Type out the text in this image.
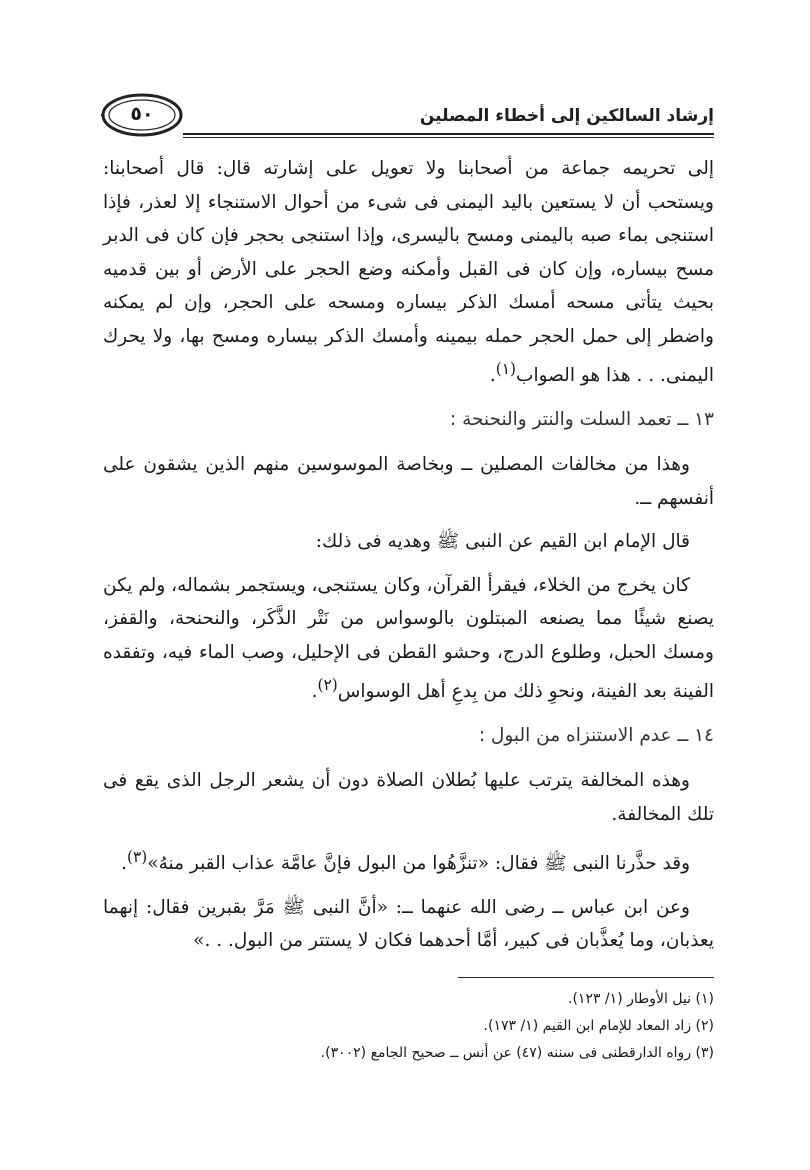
إرشاد السالكين إلى أخطاء المصلين
٥٠

إلى تحريمه جماعة من أصحابنا ولا تعويل على إشارته قال: قال أصحابنا: ويستحب أن لا يستعين باليد اليمنى فى شىء من أحوال الاستنجاء إلا لعذر، فإذا استنجى بماء صبه باليمنى ومسح باليسرى، وإذا استنجى بحجر فإن كان فى الدبر مسح بيساره، وإن كان فى القبل وأمكنه وضع الحجر على الأرض أو بين قدميه بحيث يتأتى مسحه أمسك الذكر بيساره ومسحه على الحجر، وإن لم يمكنه واضطر إلى حمل الحجر حمله بيمينه وأمسك الذكر بيساره ومسح بها، ولا يحرك اليمنى. . . هذا هو الصواب$^{(١)}$.

١٣ ــ تعمد السلت والنتر والنحنحة :

وهذا من مخالفات المصلين ــ وبخاصة الموسوسين منهم الذين يشقون على أنفسهم ــ.

قال الإمام ابن القيم عن النبى ﷺ وهديه فى ذلك:

كان يخرج من الخلاء، فيقرأ القرآن، وكان يستنجى، ويستجمر بشماله، ولم يكن يصنع شيئًا مما يصنعه المبتلون بالوسواس من نَتْر الذَّكَر، والنحنحة، والقفز، ومسك الحبل، وطلوع الدرج، وحشو القطن فى الإحليل، وصب الماء فيه، وتفقده الفينة بعد الفينة، ونحوِ ذلك من بِدعِ أهل الوسواس$^{(٢)}$.

١٤ ــ عدم الاستنزاه من البول :

وهذه المخالفة يترتب عليها بُطلان الصلاة دون أن يشعر الرجل الذى يقع فى تلك المخالفة.

وقد حذَّرنا النبى ﷺ فقال: «تنزَّهُوا من البول فإنَّ عامَّة عذاب القبر منهُ»$^{(٣)}$.

وعن ابن عباس ــ رضى الله عنهما ــ: «أنَّ النبى ﷺ مَرَّ بقبرين فقال: إنهما يعذبان، وما يُعذَّبان فى كبير، أمَّا أحدهما فكان لا يستتر من البول. . .»

(١) نيل الأوطار (١/ ١٢٣).
(٢) زاد المعاد للإمام ابن القيم (١/ ١٧٣).
(٣) رواه الدارقطنى فى سننه (٤٧) عن أنس ــ صحيح الجامع (٣٠٠٢).
